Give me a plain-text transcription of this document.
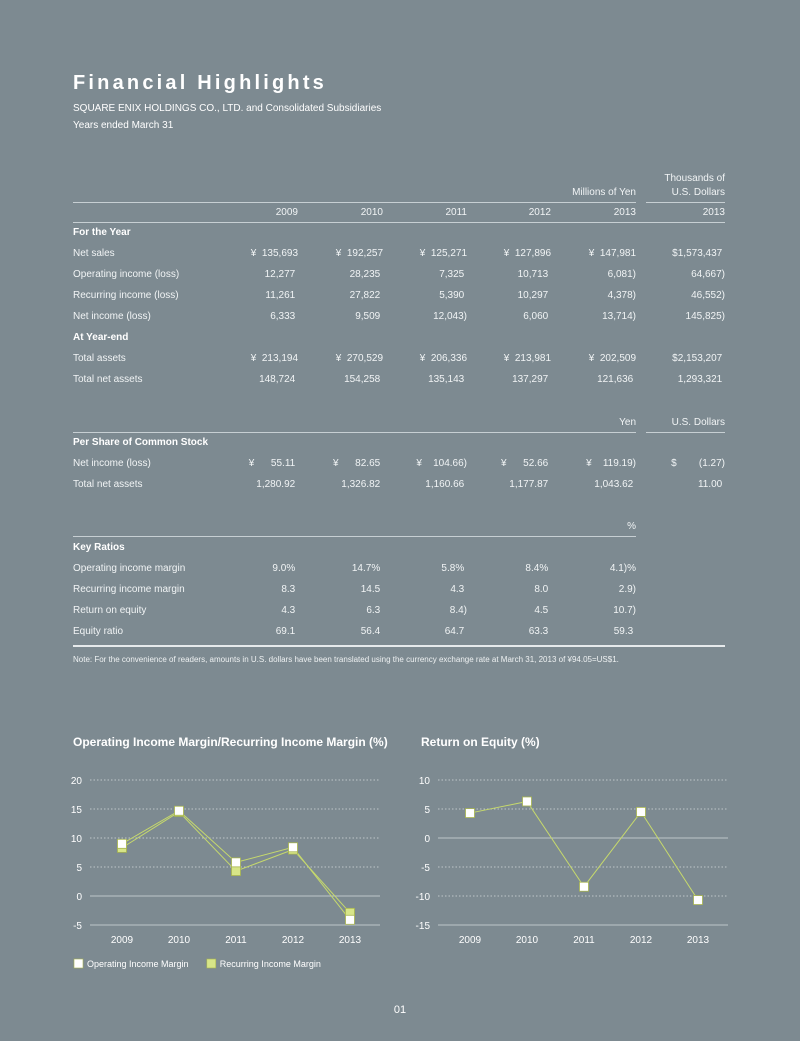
Financial Highlights
SQUARE ENIX HOLDINGS CO., LTD. and Consolidated Subsidiaries
Years ended March 31
Millions of Yen
Thousands of
U.S. Dollars
2009	2010	2011	2012	2013	2013
For the Year
Net sales	¥  135,693	¥  192,257	¥  125,271	¥  127,896	¥  147,981	$1,573,437
Operating income (loss)	12,277	28,235	7,325	10,713	6,081)	64,667)
Recurring income (loss)	11,261	27,822	5,390	10,297	4,378)	46,552)
Net income (loss)	6,333	9,509	12,043)	6,060	13,714)	145,825)
At Year-end
Total assets	¥  213,194	¥  270,529	¥  206,336	¥  213,981	¥  202,509	$2,153,207
Total net assets	148,724	154,258	135,143	137,297	121,636	1,293,321
Yen	U.S. Dollars
Per Share of Common Stock
Net income (loss)	¥      55.11	¥      82.65	¥    104.66)	¥      52.66	¥    119.19)	$        (1.27)
Total net assets	1,280.92	1,326.82	1,160.66	1,177.87	1,043.62	11.00
%
Key Ratios
Operating income margin	9.0%	14.7%	5.8%	8.4%	4.1)%
Recurring income margin	8.3	14.5	4.3	8.0	2.9)
Return on equity	4.3	6.3	8.4)	4.5	10.7)
Equity ratio	69.1	56.4	64.7	63.3	59.3
Note: For the convenience of readers, amounts in U.S. dollars have been translated using the currency exchange rate at March 31, 2013 of ¥94.05=US$1.
Operating Income Margin/Recurring Income Margin (%)	Return on Equity (%)
20
15
10
5
0
-5
2009	2010	2011	2012	2013
Operating Income Margin	Recurring Income Margin
10
5
0
-5
-10
-15
2009	2010	2011	2012	2013
01
